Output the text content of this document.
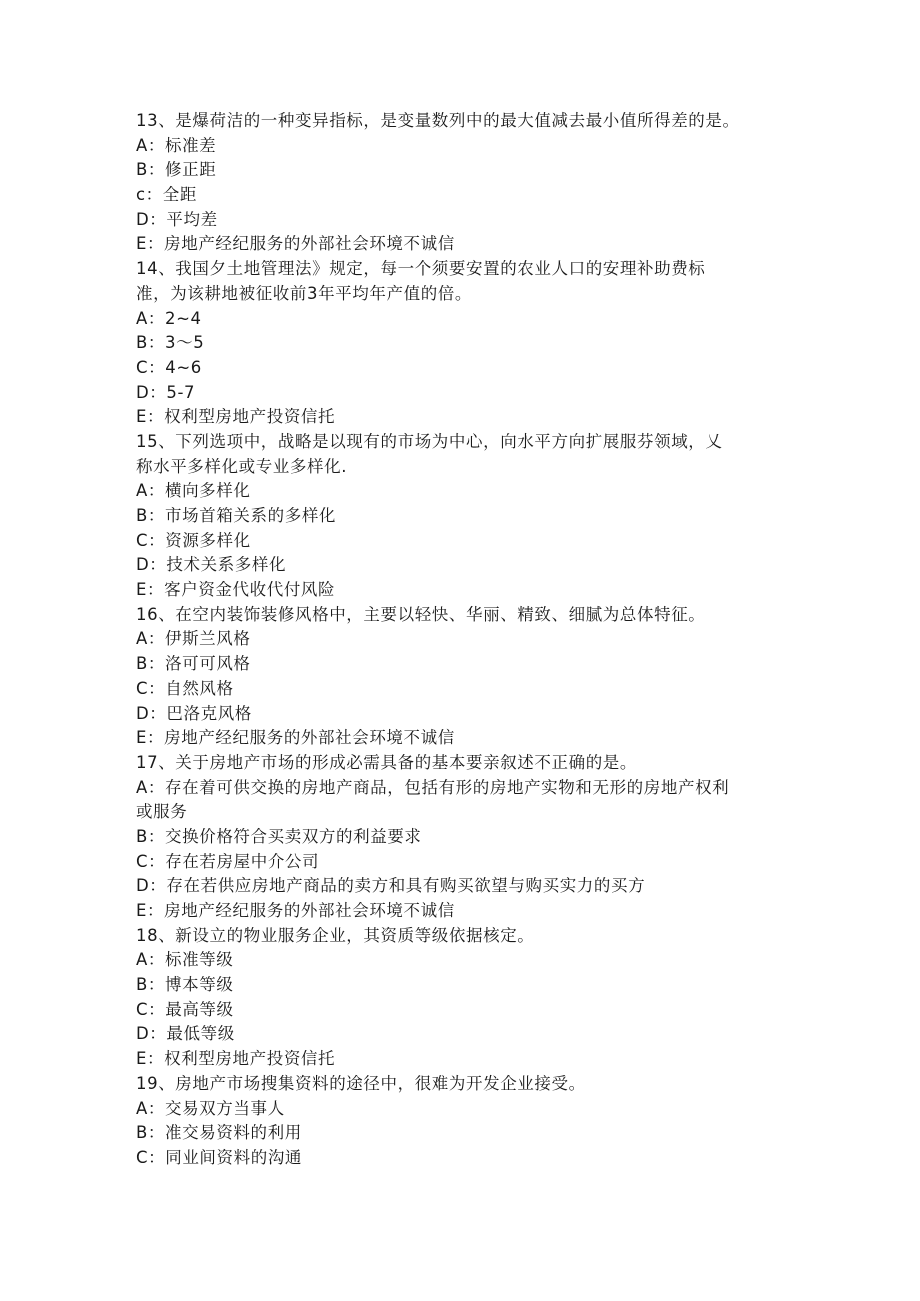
13、是爆荷洁的一种变异指标，是变量数列中的最大值减去最小值所得差的是。
A：标准差
B：修正距
c：全距
D：平均差
E：房地产经纪服务的外部社会环境不诚信
14、我国夕土地管理法》规定，每一个须要安置的农业人口的安理补助费标
准，为该耕地被征收前3年平均年产值的倍。
A：2~4
B：3～5
C：4~6
D：5-7
E：权利型房地产投资信托
15、下列选项中，战略是以现有的市场为中心，向水平方向扩展服芬领域，乂
称水平多样化或专业多样化.
A：横向多样化
B：市场首箱关系的多样化
C：资源多样化
D：技术关系多样化
E：客户资金代收代付风险
16、在空内装饰装修风格中，主要以轻快、华丽、精致、细腻为总体特征。
A：伊斯兰风格
B：洛可可风格
C：自然风格
D：巴洛克风格
E：房地产经纪服务的外部社会环境不诚信
17、关于房地产市场的形成必需具备的基本要亲叙述不正确的是。
A：存在着可供交换的房地产商品，包括有形的房地产实物和无形的房地产权利
或服务
B：交换价格符合买卖双方的利益要求
C：存在若房屋中介公司
D：存在若供应房地产商品的卖方和具有购买欲望与购买实力的买方
E：房地产经纪服务的外部社会环境不诚信
18、新设立的物业服务企业，其资质等级依据核定。
A：标准等级
B：博本等级
C：最高等级
D：最低等级
E：权利型房地产投资信托
19、房地产市场搜集资料的途径中，很难为开发企业接受。
A：交易双方当事人
B：准交易资料的利用
C：同业间资料的沟通
